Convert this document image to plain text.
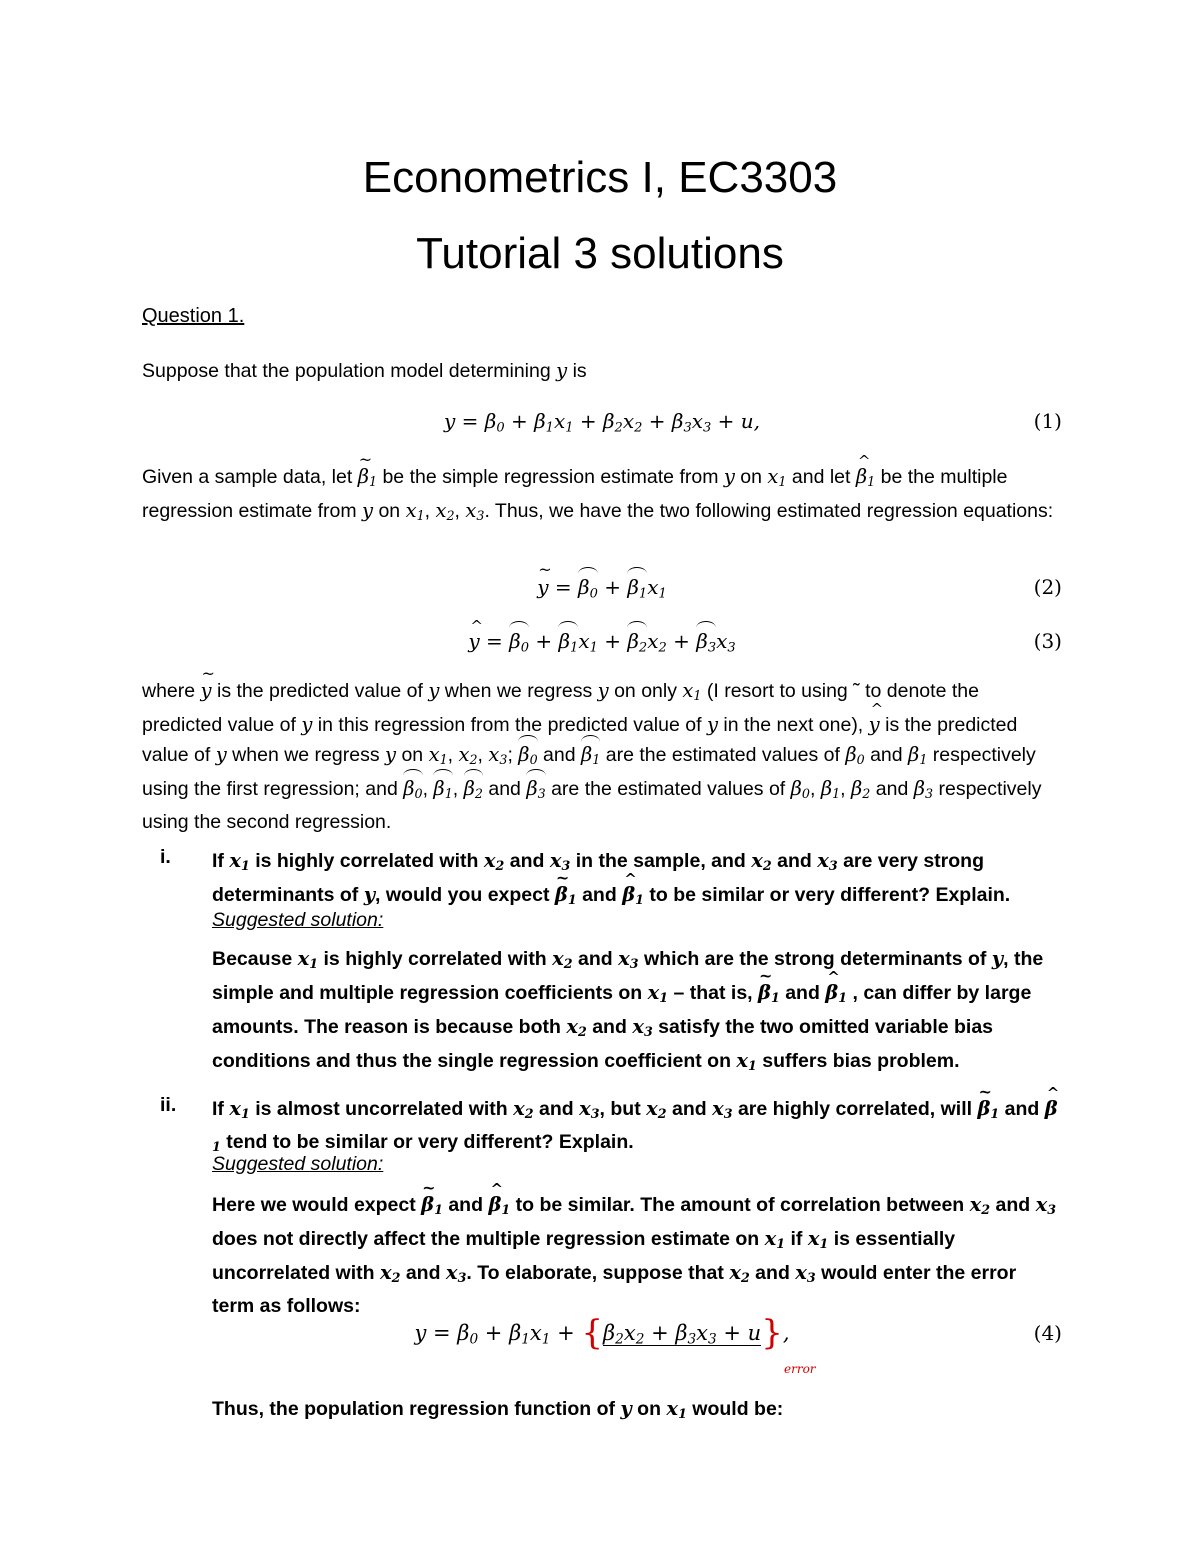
Econometrics I, EC3303
Tutorial 3 solutions
Question 1.

Suppose that the population model determining y is

$y = \beta_0 + \beta_1x_1 + \beta_2x_2 + \beta_3x_3 + u$,	(1)

Given a sample data, let β $\sim_1$ be the simple regression estimate from y on $x_1$ and let β $\^{}_1$ be the multiple regression estimate from y on $x_1$, $x_2$, $x_3$. Thus, we have the two following estimated regression equations:

y ~ = $\beta_0 + \beta_1x_1$	(2)
y ^ = $\beta_0 + \beta_1x_1 + \beta_2x_2 + \beta_3x_3$	(3)

where y ~ is the predicted value of y when we regress y on only $x_1$ (I resort to using ˜ to denote the predicted value of y in this regression from the predicted value of y in the next one), y ^ is the predicted value of y when we regress y on $x_1$, $x_2$, $x_3$; $\beta_0$ and $\beta_1$ are the estimated values of $\beta_0$ and $\beta_1$ respectively using the first regression; and $\beta_0$, $\beta_1$, $\beta_2$ and $\beta_3$ are the estimated values of $\beta_0$, $\beta_1$, $\beta_2$ and $\beta_3$ respectively using the second regression.

i. If $x_1$ is highly correlated with $x_2$ and $x_3$ in the sample, and $x_2$ and $x_3$ are very strong determinants of y, would you expect β $\sim_1$ and β $\^{}_1$ to be similar or very different? Explain.

Suggested solution:

Because $x_1$ is highly correlated with $x_2$ and $x_3$ which are the strong determinants of y, the simple and multiple regression coefficients on $x_1$ – that is, β $\sim_1$ and β $\^{}_1$ , can differ by large amounts. The reason is because both $x_2$ and $x_3$ satisfy the two omitted variable bias conditions and thus the single regression coefficient on $x_1$ suffers bias problem.

ii. If $x_1$ is almost uncorrelated with $x_2$ and $x_3$, but $x_2$ and $x_3$ are highly correlated, will β $\sim_1$ and β $\^{}_1$ tend to be similar or very different? Explain.

Suggested solution:

Here we would expect β $\sim_1$ and β $\^{}_1$ to be similar. The amount of correlation between $x_2$ and $x_3$ does not directly affect the multiple regression estimate on $x_1$ if $x_1$ is essentially uncorrelated with $x_2$ and $x_3$. To elaborate, suppose that $x_2$ and $x_3$ would enter the error term as follows:

$y = \beta_0 + \beta_1x_1 + \{\beta_2x_2 + \beta_3x_3 + u\}$,
error
(4)

Thus, the population regression function of y on $x_1$ would be:
